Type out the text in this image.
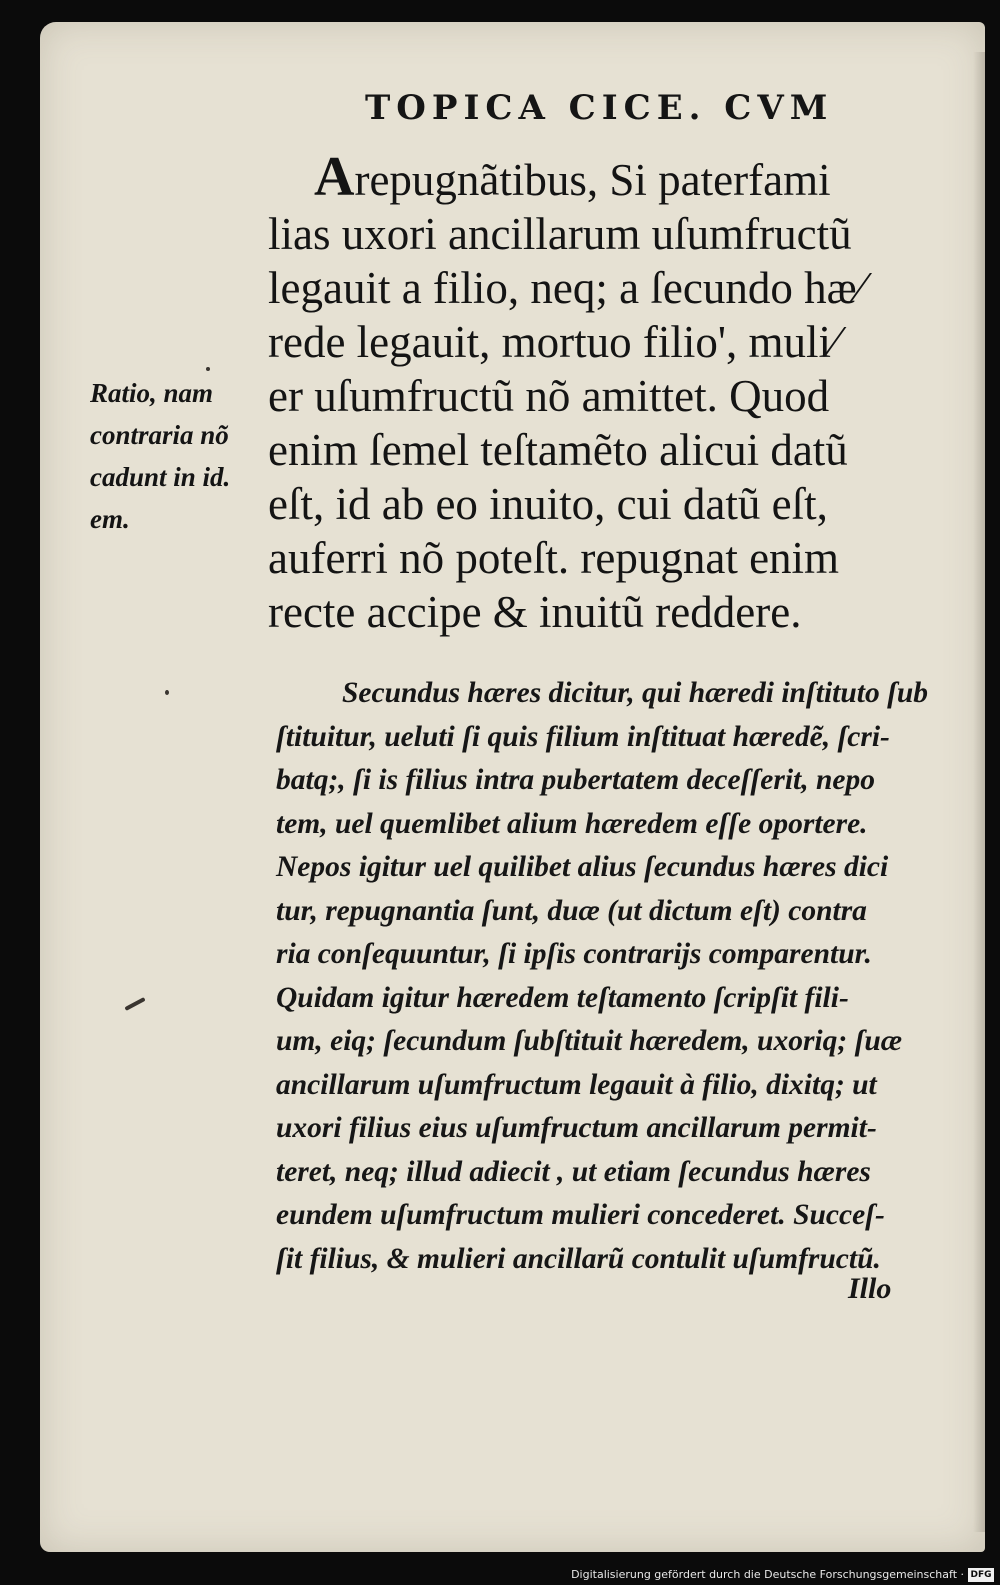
TOPICA CICE. CVM
Arepugnãtibus, Si paterfami
lias uxori ancillarum uſumfructũ
legauit a filio, neq; a ſecundo hæ⁄
rede legauit, mortuo filio', muli⁄
er uſumfructũ nõ amittet. Quod
enim ſemel teſtamẽto alicui datũ
eſt, id ab eo inuito, cui datũ eſt,
auferri nõ poteſt. repugnat enim
recte accipe & inuitũ reddere.
Ratio, nam
contraria nõ
cadunt in id.
em.
Secundus hæres dicitur, qui hæredi inſtituto ſub
ſtituitur, ueluti ſi quis filium inſtituat hæredẽ, ſcri-
batq;, ſi is filius intra pubertatem deceſſerit, nepo
tem, uel quemlibet alium hæredem eſſe oportere.
Nepos igitur uel quilibet alius ſecundus hæres dici
tur, repugnantia ſunt, duæ (ut dictum eſt) contra
ria conſequuntur, ſi ipſis contrarijs comparentur.
Quidam igitur hæredem teſtamento ſcripſit fili-
um, eiq; ſecundum ſubſtituit hæredem, uxoriq; ſuæ
ancillarum uſumfructum legauit à filio, dixitq; ut
uxori filius eius uſumfructum ancillarum permit-
teret, neq; illud adiecit , ut etiam ſecundus hæres
eundem uſumfructum mulieri concederet. Succeſ-
ſit filius, & mulieri ancillarũ contulit uſumfructũ.
Illo
Digitalisierung gefördert durch die Deutsche Forschungsgemeinschaft · DFG
